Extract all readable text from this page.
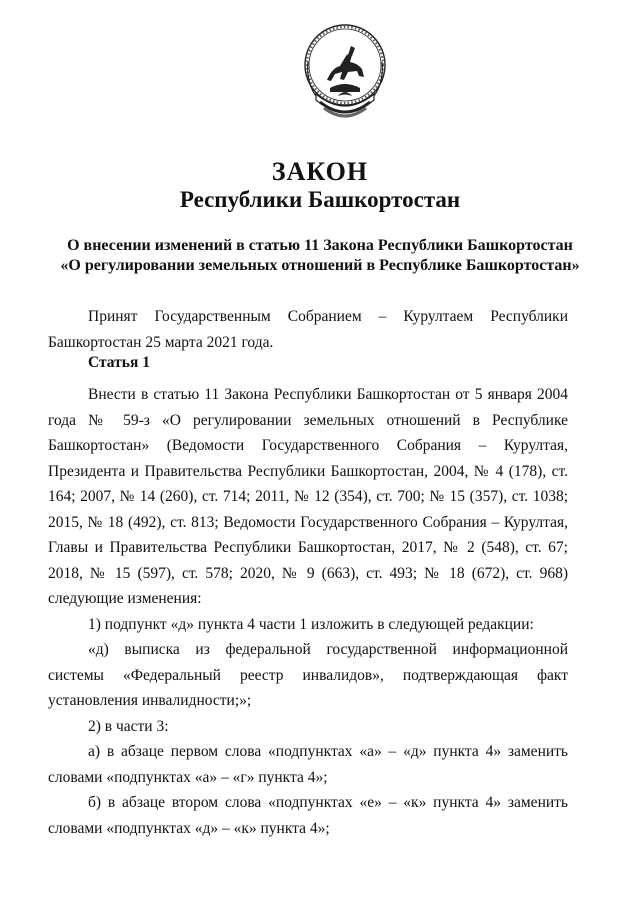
ЗАКОН
Республики Башкортостан
О внесении изменений в статью 11 Закона Республики Башкортостан
«О регулировании земельных отношений в Республике Башкортостан»

Принят Государственным Собранием – Курултаем Республики Башкортостан 25 марта 2021 года.

Статья 1

Внести в статью 11 Закона Республики Башкортостан от 5 января 2004 года № 59-з «О регулировании земельных отношений в Республике Башкортостан» (Ведомости Государственного Собрания – Курултая, Президента и Правительства Республики Башкортостан, 2004, № 4 (178), ст. 164; 2007, № 14 (260), ст. 714; 2011, № 12 (354), ст. 700; № 15 (357), ст. 1038; 2015, № 18 (492), ст. 813; Ведомости Государственного Собрания – Курултая, Главы и Правительства Республики Башкортостан, 2017, № 2 (548), ст. 67; 2018, № 15 (597), ст. 578; 2020, № 9 (663), ст. 493; № 18 (672), ст. 968) следующие изменения:

1) подпункт «д» пункта 4 части 1 изложить в следующей редакции:

«д) выписка из федеральной государственной информационной системы «Федеральный реестр инвалидов», подтверждающая факт установления инвалидности;»;

2) в части 3:

а) в абзаце первом слова «подпунктах «а» – «д» пункта 4» заменить словами «подпунктах «а» – «г» пункта 4»;

б) в абзаце втором слова «подпунктах «е» – «к» пункта 4» заменить словами «подпунктах «д» – «к» пункта 4»;
